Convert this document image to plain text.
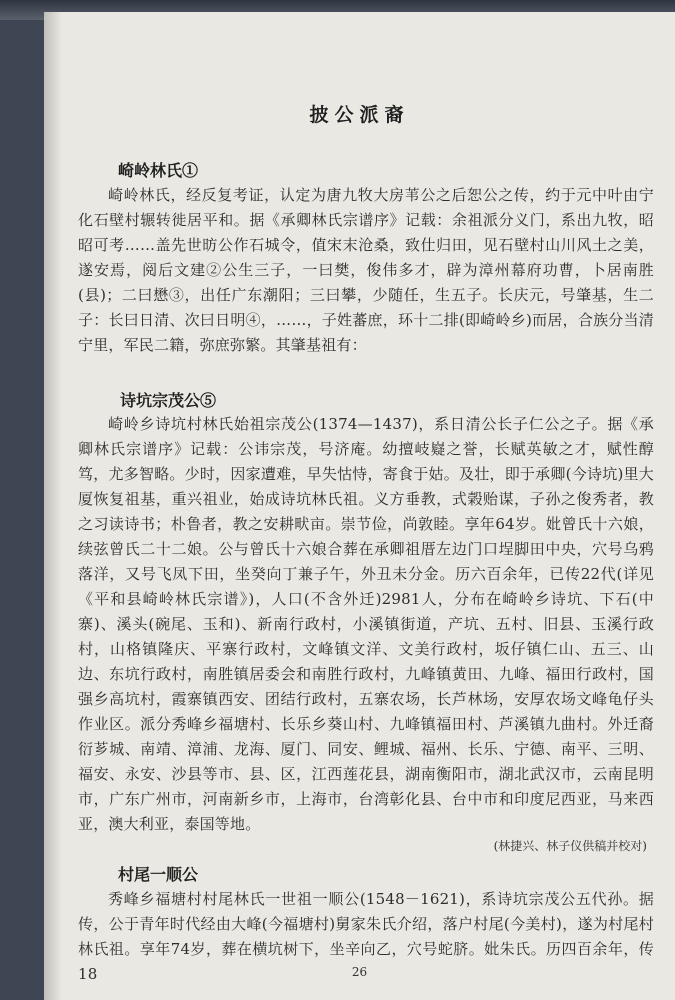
披公派裔
崎岭林氏①
崎岭林氏，经反复考证，认定为唐九牧大房苇公之后恕公之传，约于元中叶由宁化石壁村辗转徙居平和。据《承卿林氏宗谱序》记载：余祖派分义门，系出九牧，昭昭可考……盖先世昉公作石城令，值宋末沧桑，致仕归田，见石壁村山川风土之美，遂安焉，阅后文建②公生三子，一曰樊，俊伟多才，辟为漳州幕府功曹，卜居南胜(县)；二曰懋③，出任广东潮阳；三曰攀，少随任，生五子。长庆元，号肇基，生二子：长曰日清、次曰日明④，……，子姓蕃庶，环十二排(即崎岭乡)而居，合族分当清宁里，军民二籍，弥庶弥繁。其肇基祖有：
诗坑宗茂公⑤
崎岭乡诗坑村林氏始祖宗茂公(1374—1437)，系日清公长子仁公之子。据《承卿林氏宗谱序》记载：公讳宗茂，号济庵。幼擅岐嶷之誉，长赋英敏之才，赋性醇笃，尤多智略。少时，因家遭难，早失怙恃，寄食于姑。及壮，即于承卿(今诗坑)里大厦恢复祖基，重兴祖业，始成诗坑林氏祖。义方垂教，式榖贻谋，子孙之俊秀者，教之习读诗书；朴鲁者，教之安耕畎亩。崇节俭，尚敦睦。享年64岁。妣曾氏十六娘，续弦曾氏二十二娘。公与曾氏十六娘合葬在承卿祖厝左边门口埕脚田中央，穴号乌鸦落洋，又号飞凤下田，坐癸向丁兼子午，外丑未分金。历六百余年，已传22代(详见《平和县崎岭林氏宗谱》)，人口(不含外迁)2981人，分布在崎岭乡诗坑、下石(中寨)、溪头(碗尾、玉和)、新南行政村，小溪镇街道，产坑、五村、旧县、玉溪行政村，山格镇隆庆、平寨行政村，文峰镇文洋、文美行政村，坂仔镇仁山、五三、山边、东坑行政村，南胜镇居委会和南胜行政村，九峰镇黄田、九峰、福田行政村，国强乡高坑村，霞寨镇西安、团结行政村，五寨农场，长芦林场，安厚农场文峰龟仔头作业区。派分秀峰乡福塘村、长乐乡葵山村、九峰镇福田村、芦溪镇九曲村。外迁裔衍芗城、南靖、漳浦、龙海、厦门、同安、鲤城、福州、长乐、宁德、南平、三明、福安、永安、沙县等市、县、区，江西莲花县，湖南衡阳市，湖北武汉市，云南昆明市，广东广州市，河南新乡市，上海市，台湾彰化县、台中市和印度尼西亚，马来西亚，澳大利亚，泰国等地。
(林捷兴、林子仪供稿并校对)
村尾一顺公
秀峰乡福塘村村尾林氏一世祖一顺公(1548－1621)，系诗坑宗茂公五代孙。据传，公于青年时代经由大峰(今福塘村)舅家朱氏介绍，落户村尾(今美村)，遂为村尾村林氏祖。享年74岁，葬在横坑树下，坐辛向乙，穴号蛇脐。妣朱氏。历四百余年，传18	26
